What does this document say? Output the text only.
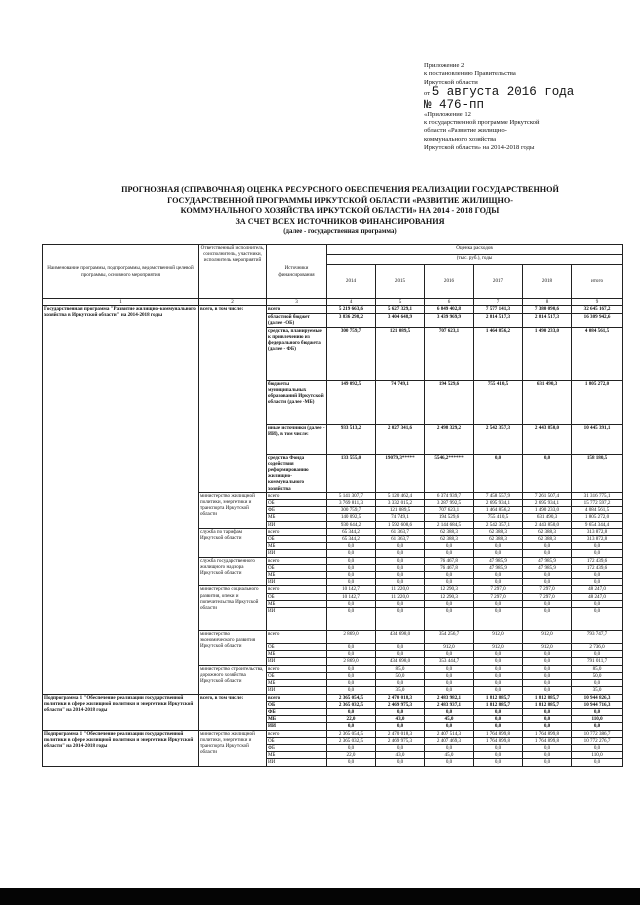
Приложение 2
к постановлению Правительства
Иркутской области
от 5 августа 2016 года
№ 476-пп
«Приложение 12
к государственной программе Иркутской
области «Развитие жилищно-
коммунального хозяйства
Иркутской области» на 2014-2018 годы
ПРОГНОЗНАЯ (СПРАВОЧНАЯ) ОЦЕНКА РЕСУРСНОГО ОБЕСПЕЧЕНИЯ РЕАЛИЗАЦИИ ГОСУДАРСТВЕННОЙ
ГОСУДАРСТВЕННОЙ ПРОГРАММЫ ИРКУТСКОЙ ОБЛАСТИ «РАЗВИТИЕ ЖИЛИЩНО-
КОММУНАЛЬНОГО ХОЗЯЙСТВА ИРКУТСКОЙ ОБЛАСТИ» НА 2014 - 2018 ГОДЫ
ЗА СЧЕТ ВСЕХ ИСТОЧНИКОВ ФИНАНСИРОВАНИЯ
(далее - государственная программа)
Наименование программы, подпрограммы, ведомственной целевой программы, основного мероприятия	Ответственный исполнитель, соисполнитель, участники, исполнитель мероприятий	Источники финансирования	Оценка расходов					
			(тыс. руб.), годы					
			2014	2015	2016	2017	2018	итого
1	2	3	4	5	6	7	8	9
Государственная программа "Развитие жилищно-коммунального хозяйства в Иркутской области" на 2014-2018 годы	всего, в том числе:	всего	5 219 663,6	5 627 329,1	6 849 402,8	7 577 141,3	7 380 090,6	32 645 167,2
		областной бюджет (далее -ОБ)	3 836 298,2	3 404 648,9	3 439 969,9	2 814 517,3	2 814 517,3	16 309 942,6
		средства, планируемые к привлечению из федерального бюджета (далее - ФБ)	300 759,7	121 089,5	707 623,1	1 464 856,2	1 490 233,0	4 084 561,5
		бюджеты муниципальных образований Иркутской области (далее -МБ)	149 092,5	74 749,1	194 529,6	755 410,5	631 490,3	1 805 272,0
		иные источники (далее - ИИ), в том числе:	933 513,2	2 027 341,6	2 498 329,2	2 542 357,3	2 443 850,0	10 445 391,1
		средства Фонда содействия реформированию жилищно-коммунального хозяйства	133 555,0	19079,3*****	5546,2******	0,0	0,0	158 180,5
	министерство жилищной политики, энергетики и транспорта Иркутской области	всего	5 141 307,7	5 120 462,4	6 374 939,7	7 458 557,9	7 261 507,4	31 316 775,1
		ОБ	3 769 811,3	3 332 015,2	3 287 992,5	2 695 934,1	2 695 934,1	15 772 597,2
		ФБ	300 759,7	121 089,5	707 623,1	1 464 856,2	1 490 233,0	4 084 561,5
		МБ	140 092,5	74 749,1	194 529,6	755 410,5	631 490,3	1 805 272,0
		ИИ	930 644,2	1 592 608,6	2 144 684,5	2 542 357,1	2 443 850,0	9 654 344,4
	служба по тарифам Иркутской области	всего	65 344,2	61 363,7	62 388,3	62 388,3	62 388,3	313 872,8
		ОБ	65 344,2	61 363,7	62 388,3	62 388,3	62 388,3	313 872,8
		МБ	0,0	0,0	0,0	0,0	0,0	0,0
		ИИ	0,0	0,0	0,0	0,0	0,0	0,0
	служба государственного жилищного надзора Иркутской области	всего	0,0	0,0	76 467,8	47 985,9	47 985,9	172 439,6
		ОБ	0,0	0,0	76 467,8	47 985,9	47 985,9	172 439,6
		МБ	0,0	0,0	0,0	0,0	0,0	0,0
		ИИ	0,0	0,0	0,0	0,0	0,0	0,0
	министерство социального развития, опеки и попечительства Иркутской области	всего	10 142,7	11 220,0	12 290,3	7 297,0	7 297,0	48 247,0
		ОБ	10 142,7	11 220,0	12 290,3	7 297,0	7 297,0	48 247,0
		МБ	0,0	0,0	0,0	0,0	0,0	0,0
		ИИ	0,0	0,0	0,0	0,0	0,0	0,0
	министерство экономического развития Иркутской области	всего	2 869,0	434 698,0	354 256,7	912,0	912,0	793 747,7
		ОБ	0,0	0,0	912,0	912,0	912,0	2 736,0
		МБ	0,0	0,0	0,0	0,0	0,0	0,0
		ИИ	2 869,0	434 698,0	353 444,7	0,0	0,0	791 011,7
	министерство строительства, дорожного хозяйства Иркутской области	всего	0,0	85,0	0,0	0,0	0,0	85,0
		ОБ	0,0	50,0	0,0	0,0	0,0	50,0
		МБ	0,0	0,0	0,0	0,0	0,0	0,0
		ИИ	0,0	35,0	0,0	0,0	0,0	35,0
Подпрограмма 1 "Обеспечение реализации государственной политики в сфере жилищной политики и энергетики Иркутской области" на 2014-2018 годы	всего, в том числе:	всего	2 365 054,5	2 470 018,3	2 483 982,1	1 812 885,7	1 812 885,7	10 944 826,3
		ОБ	2 365 032,5	2 469 975,3	2 483 937,1	1 812 885,7	1 812 885,7	10 944 716,3
		ФБ	0,0	0,0	0,0	0,0	0,0	0,0
		МБ	22,0	43,0	45,0	0,0	0,0	110,0
		ИИ	0,0	0,0	0,0	0,0	0,0	0,0
Подпрограмма 1 "Обеспечение реализации государственной политики в сфере жилищной политики и энергетики Иркутской области" на 2014-2018 годы	министерство жилищной политики, энергетики и транспорта Иркутской области	всего	2 365 054,5	2 470 018,3	2 407 514,3	1 764 899,8	1 764 899,8	10 772 386,7
		ОБ	2 365 032,5	2 469 975,3	2 407 469,3	1 764 899,8	1 764 899,8	10 772 276,7
		ФБ	0,0	0,0	0,0	0,0	0,0	0,0
		МБ	22,0	43,0	45,0	0,0	0,0	110,0
		ИИ	0,0	0,0	0,0	0,0	0,0	0,0
